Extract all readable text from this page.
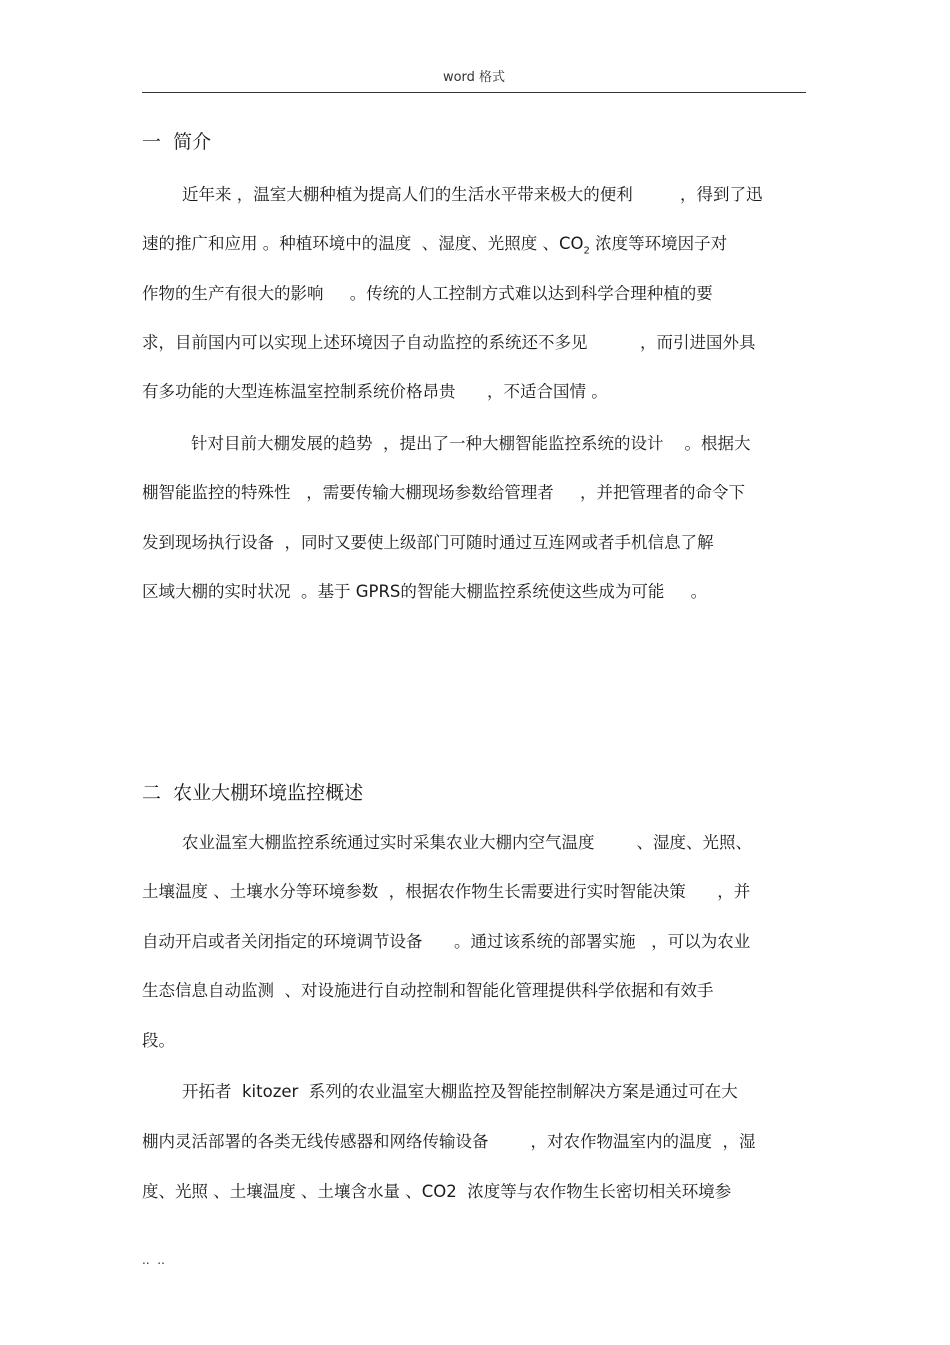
word 格式
一  简介
近年来 ，温室大棚种植为提高人们的生活水平带来极大的便利         ，得到了迅
速的推广和应用 。种植环境中的温度  、湿度、光照度 、$CO_2$ 浓度等环境因子对
作物的生产有很大的影响     。传统的人工控制方式难以达到科学合理种植的要
求，目前国内可以实现上述环境因子自动监控的系统还不多见          ，而引进国外具
有多功能的大型连栋温室控制系统价格昂贵      ，不适合国情 。
针对目前大棚发展的趋势  ，提出了一种大棚智能监控系统的设计    。根据大
棚智能监控的特殊性   ，需要传输大棚现场参数给管理者     ，并把管理者的命令下
发到现场执行设备  ，同时又要使上级部门可随时通过互连网或者手机信息了解
区域大棚的实时状况  。基于 GPRS的智能大棚监控系统使这些成为可能     。
二  农业大棚环境监控概述
农业温室大棚监控系统通过实时采集农业大棚内空气温度        、湿度、光照、
土壤温度 、土壤水分等环境参数  ，根据农作物生长需要进行实时智能决策      ，并
自动开启或者关闭指定的环境调节设备      。通过该系统的部署实施   ，可以为农业
生态信息自动监测  、对设施进行自动控制和智能化管理提供科学依据和有效手
段。
开拓者  kitozer  系列的农业温室大棚监控及智能控制解决方案是通过可在大
棚内灵活部署的各类无线传感器和网络传输设备        ，对农作物温室内的温度  ，湿
度、光照 、土壤温度 、土壤含水量 、CO2  浓度等与农作物生长密切相关环境参
..  ..
